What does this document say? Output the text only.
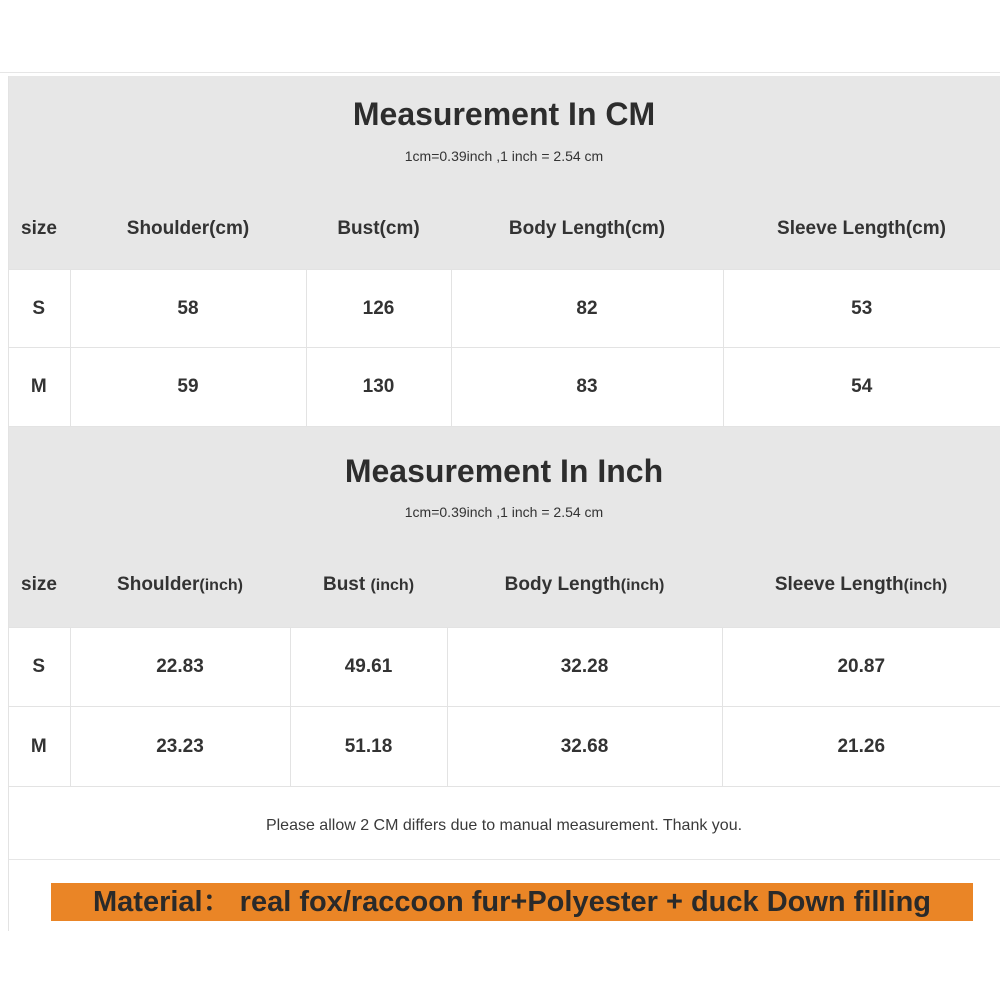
Measurement In CM
1cm=0.39inch ,1 inch = 2.54 cm
size	Shoulder(cm)	Bust(cm)	Body Length(cm)	Sleeve Length(cm)
S	58	126	82	53
M	59	130	83	54
Measurement In Inch
1cm=0.39inch ,1 inch = 2.54 cm
size	Shoulder(inch)	Bust (inch)	Body Length(inch)	Sleeve Length(inch)
S	22.83	49.61	32.28	20.87
M	23.23	51.18	32.68	21.26
Please allow 2 CM differs due to manual measurement. Thank you.
Material： real fox/raccoon fur+Polyester + duck Down filling
